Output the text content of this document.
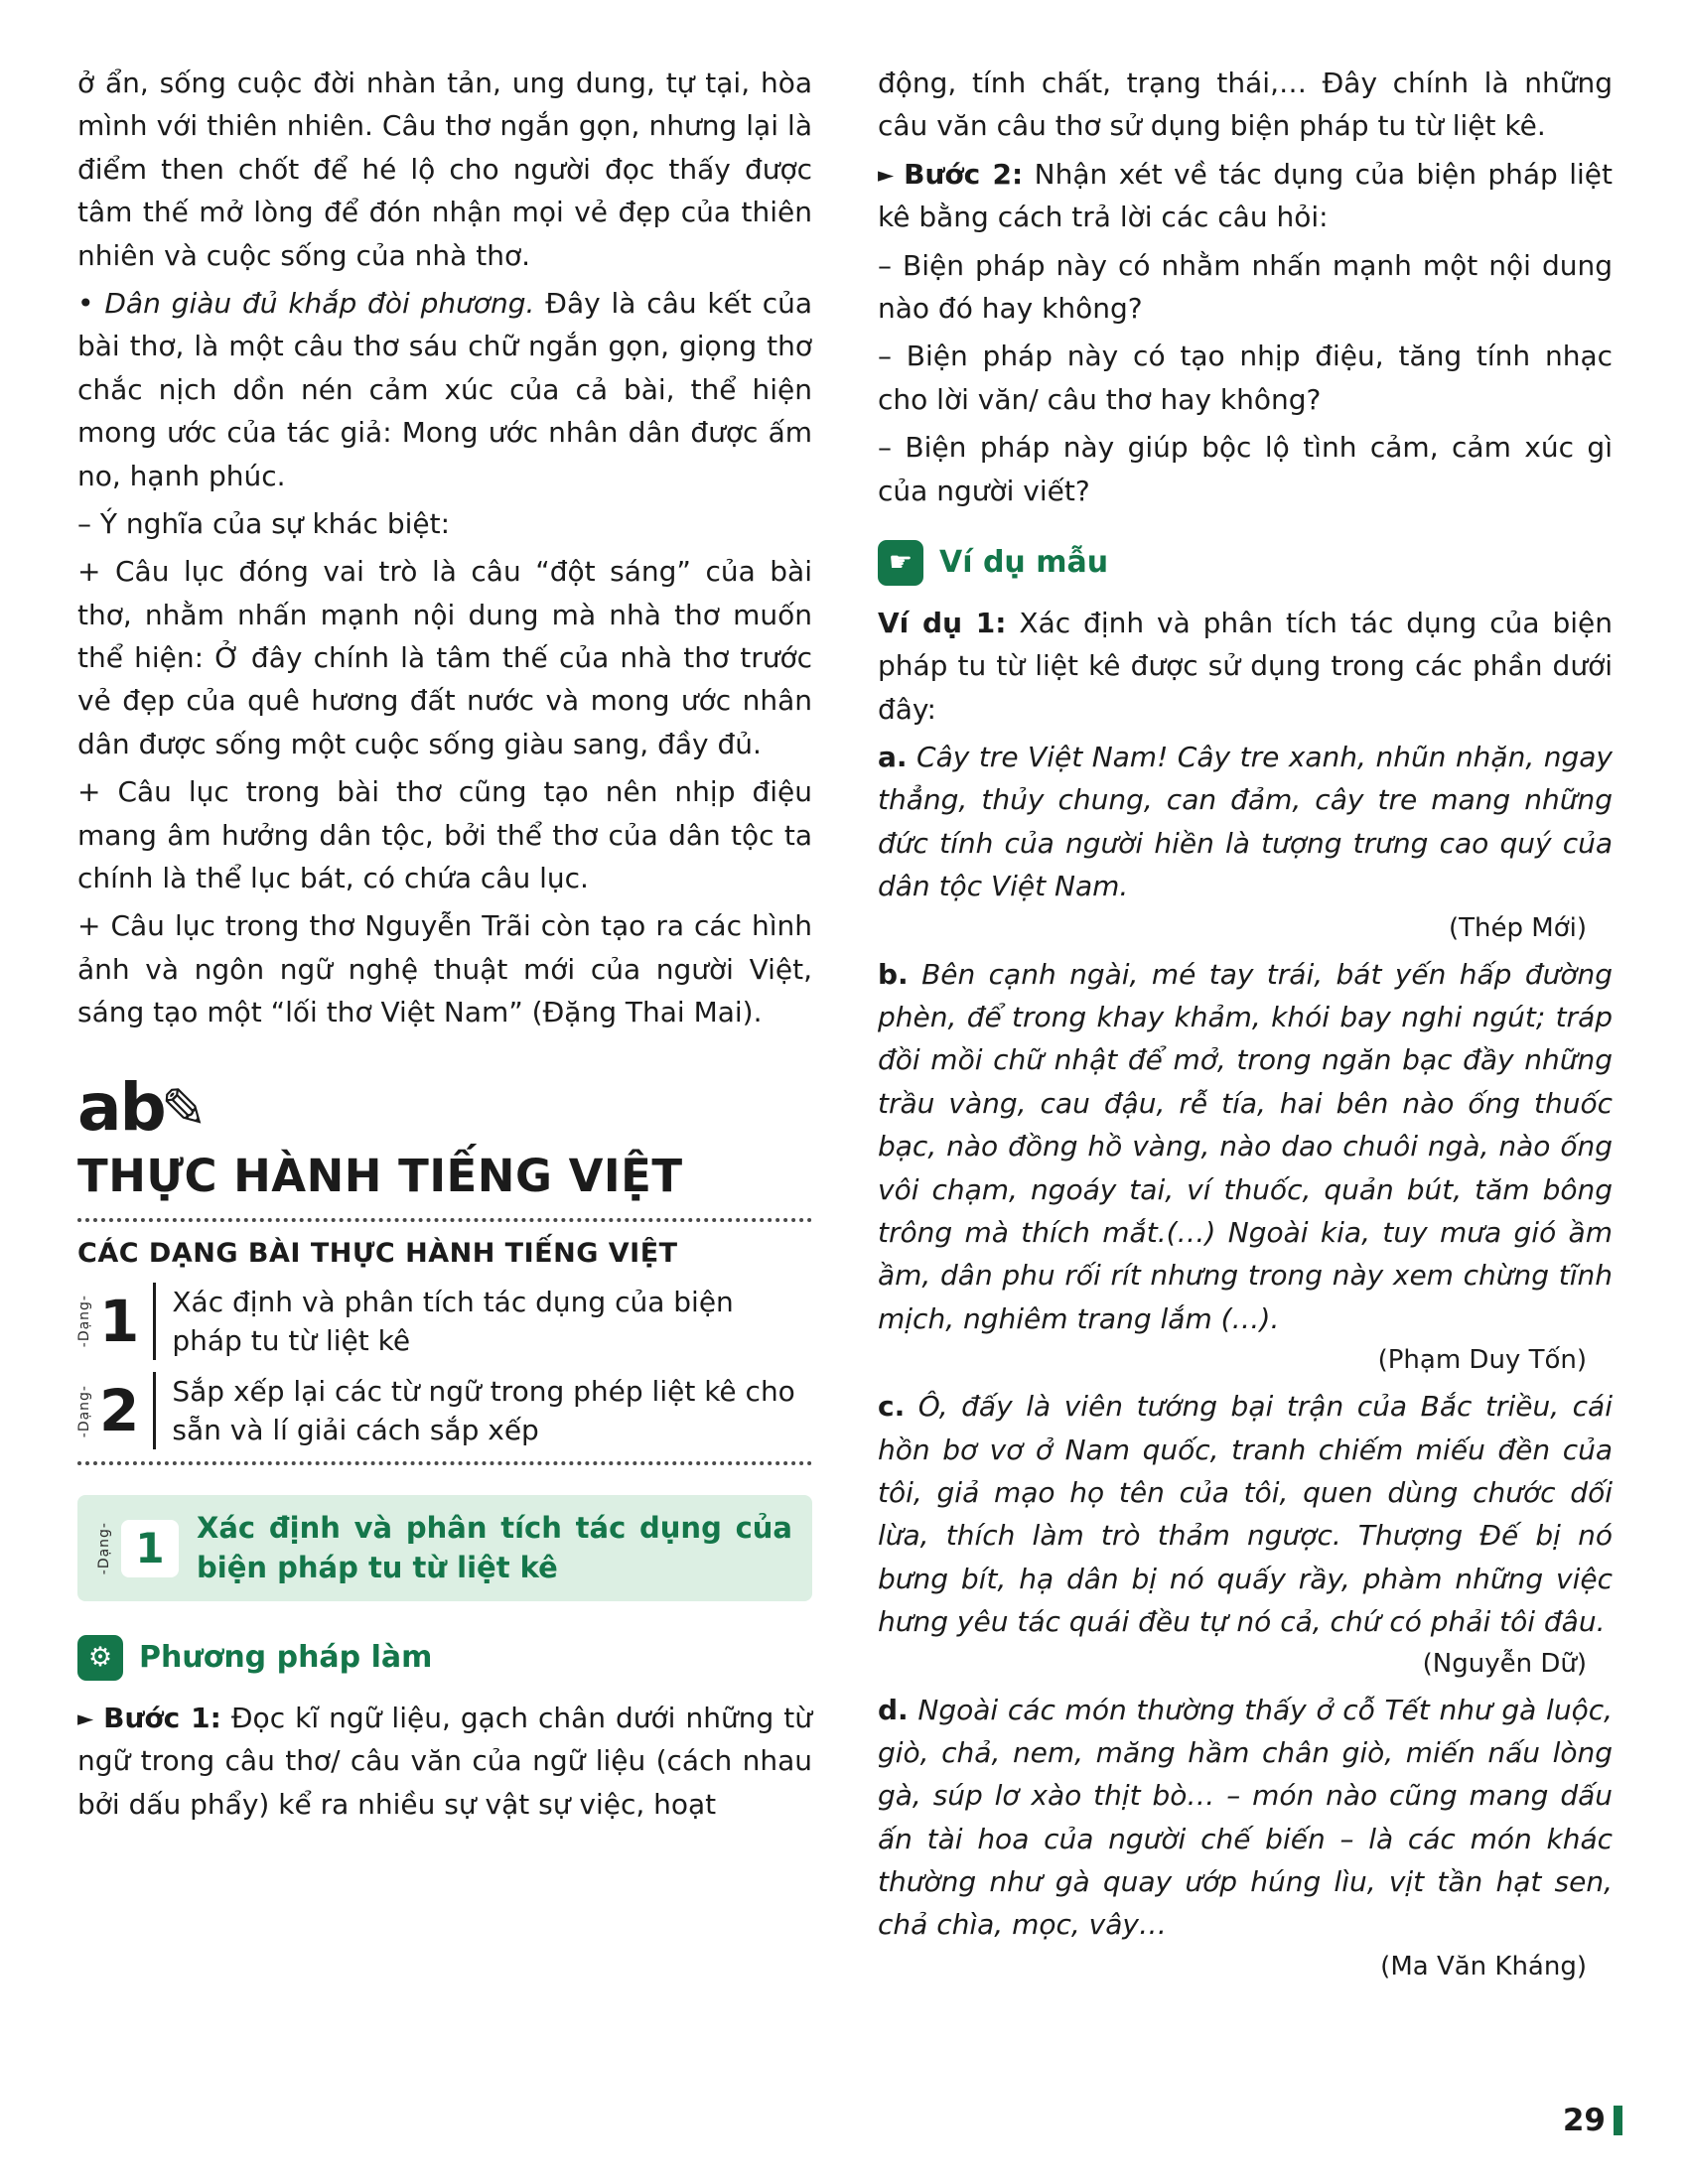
ở ẩn, sống cuộc đời nhàn tản, ung dung, tự tại, hòa mình với thiên nhiên. Câu thơ ngắn gọn, nhưng lại là điểm then chốt để hé lộ cho người đọc thấy được tâm thế mở lòng để đón nhận mọi vẻ đẹp của thiên nhiên và cuộc sống của nhà thơ.

• Dân giàu đủ khắp đòi phương. Đây là câu kết của bài thơ, là một câu thơ sáu chữ ngắn gọn, giọng thơ chắc nịch dồn nén cảm xúc của cả bài, thể hiện mong ước của tác giả: Mong ước nhân dân được ấm no, hạnh phúc.

– Ý nghĩa của sự khác biệt:

+ Câu lục đóng vai trò là câu “đột sáng” của bài thơ, nhằm nhấn mạnh nội dung mà nhà thơ muốn thể hiện: Ở đây chính là tâm thế của nhà thơ trước vẻ đẹp của quê hương đất nước và mong ước nhân dân được sống một cuộc sống giàu sang, đầy đủ.

+ Câu lục trong bài thơ cũng tạo nên nhịp điệu mang âm hưởng dân tộc, bởi thể thơ của dân tộc ta chính là thể lục bát, có chứa câu lục.

+ Câu lục trong thơ Nguyễn Trãi còn tạo ra các hình ảnh và ngôn ngữ nghệ thuật mới của người Việt, sáng tạo một “lối thơ Việt Nam” (Đặng Thai Mai).

ab
✎
THỰC HÀNH TIẾNG VIỆT
CÁC DẠNG BÀI THỰC HÀNH TIẾNG VIỆT
-Dạng- 1	Xác định và phân tích tác dụng của biện pháp tu từ liệt kê
-Dạng- 2	Sắp xếp lại các từ ngữ trong phép liệt kê cho sẵn và lí giải cách sắp xếp
-Dạng- 1	Xác định và phân tích tác dụng của biện pháp tu từ liệt kê
⚙ Phương pháp làm

► Bước 1: Đọc kĩ ngữ liệu, gạch chân dưới những từ ngữ trong câu thơ/ câu văn của ngữ liệu (cách nhau bởi dấu phẩy) kể ra nhiều sự vật sự việc, hoạt

động, tính chất, trạng thái,… Đây chính là những câu văn câu thơ sử dụng biện pháp tu từ liệt kê.

► Bước 2: Nhận xét về tác dụng của biện pháp liệt kê bằng cách trả lời các câu hỏi:

– Biện pháp này có nhằm nhấn mạnh một nội dung nào đó hay không?

– Biện pháp này có tạo nhịp điệu, tăng tính nhạc cho lời văn/ câu thơ hay không?

– Biện pháp này giúp bộc lộ tình cảm, cảm xúc gì của người viết?

☛ Ví dụ mẫu

Ví dụ 1: Xác định và phân tích tác dụng của biện pháp tu từ liệt kê được sử dụng trong các phần dưới đây:

a. Cây tre Việt Nam! Cây tre xanh, nhũn nhặn, ngay thẳng, thủy chung, can đảm, cây tre mang những đức tính của người hiền là tượng trưng cao quý của dân tộc Việt Nam.

(Thép Mới)

b. Bên cạnh ngài, mé tay trái, bát yến hấp đường phèn, để trong khay khảm, khói bay nghi ngút; tráp đồi mồi chữ nhật để mở, trong ngăn bạc đầy những trầu vàng, cau đậu, rễ tía, hai bên nào ống thuốc bạc, nào đồng hồ vàng, nào dao chuôi ngà, nào ống vôi chạm, ngoáy tai, ví thuốc, quản bút, tăm bông trông mà thích mắt.(…) Ngoài kia, tuy mưa gió ầm ầm, dân phu rối rít nhưng trong này xem chừng tĩnh mịch, nghiêm trang lắm (…).

(Phạm Duy Tốn)

c. Ô, đấy là viên tướng bại trận của Bắc triều, cái hồn bơ vơ ở Nam quốc, tranh chiếm miếu đền của tôi, giả mạo họ tên của tôi, quen dùng chước dối lừa, thích làm trò thảm ngược. Thượng Đế bị nó bưng bít, hạ dân bị nó quấy rầy, phàm những việc hưng yêu tác quái đều tự nó cả, chứ có phải tôi đâu.

(Nguyễn Dữ)

d. Ngoài các món thường thấy ở cỗ Tết như gà luộc, giò, chả, nem, măng hầm chân giò, miến nấu lòng gà, súp lơ xào thịt bò… – món nào cũng mang dấu ấn tài hoa của người chế biến – là các món khác thường như gà quay ướp húng lìu, vịt tần hạt sen, chả chìa, mọc, vây…

(Ma Văn Kháng)
29
